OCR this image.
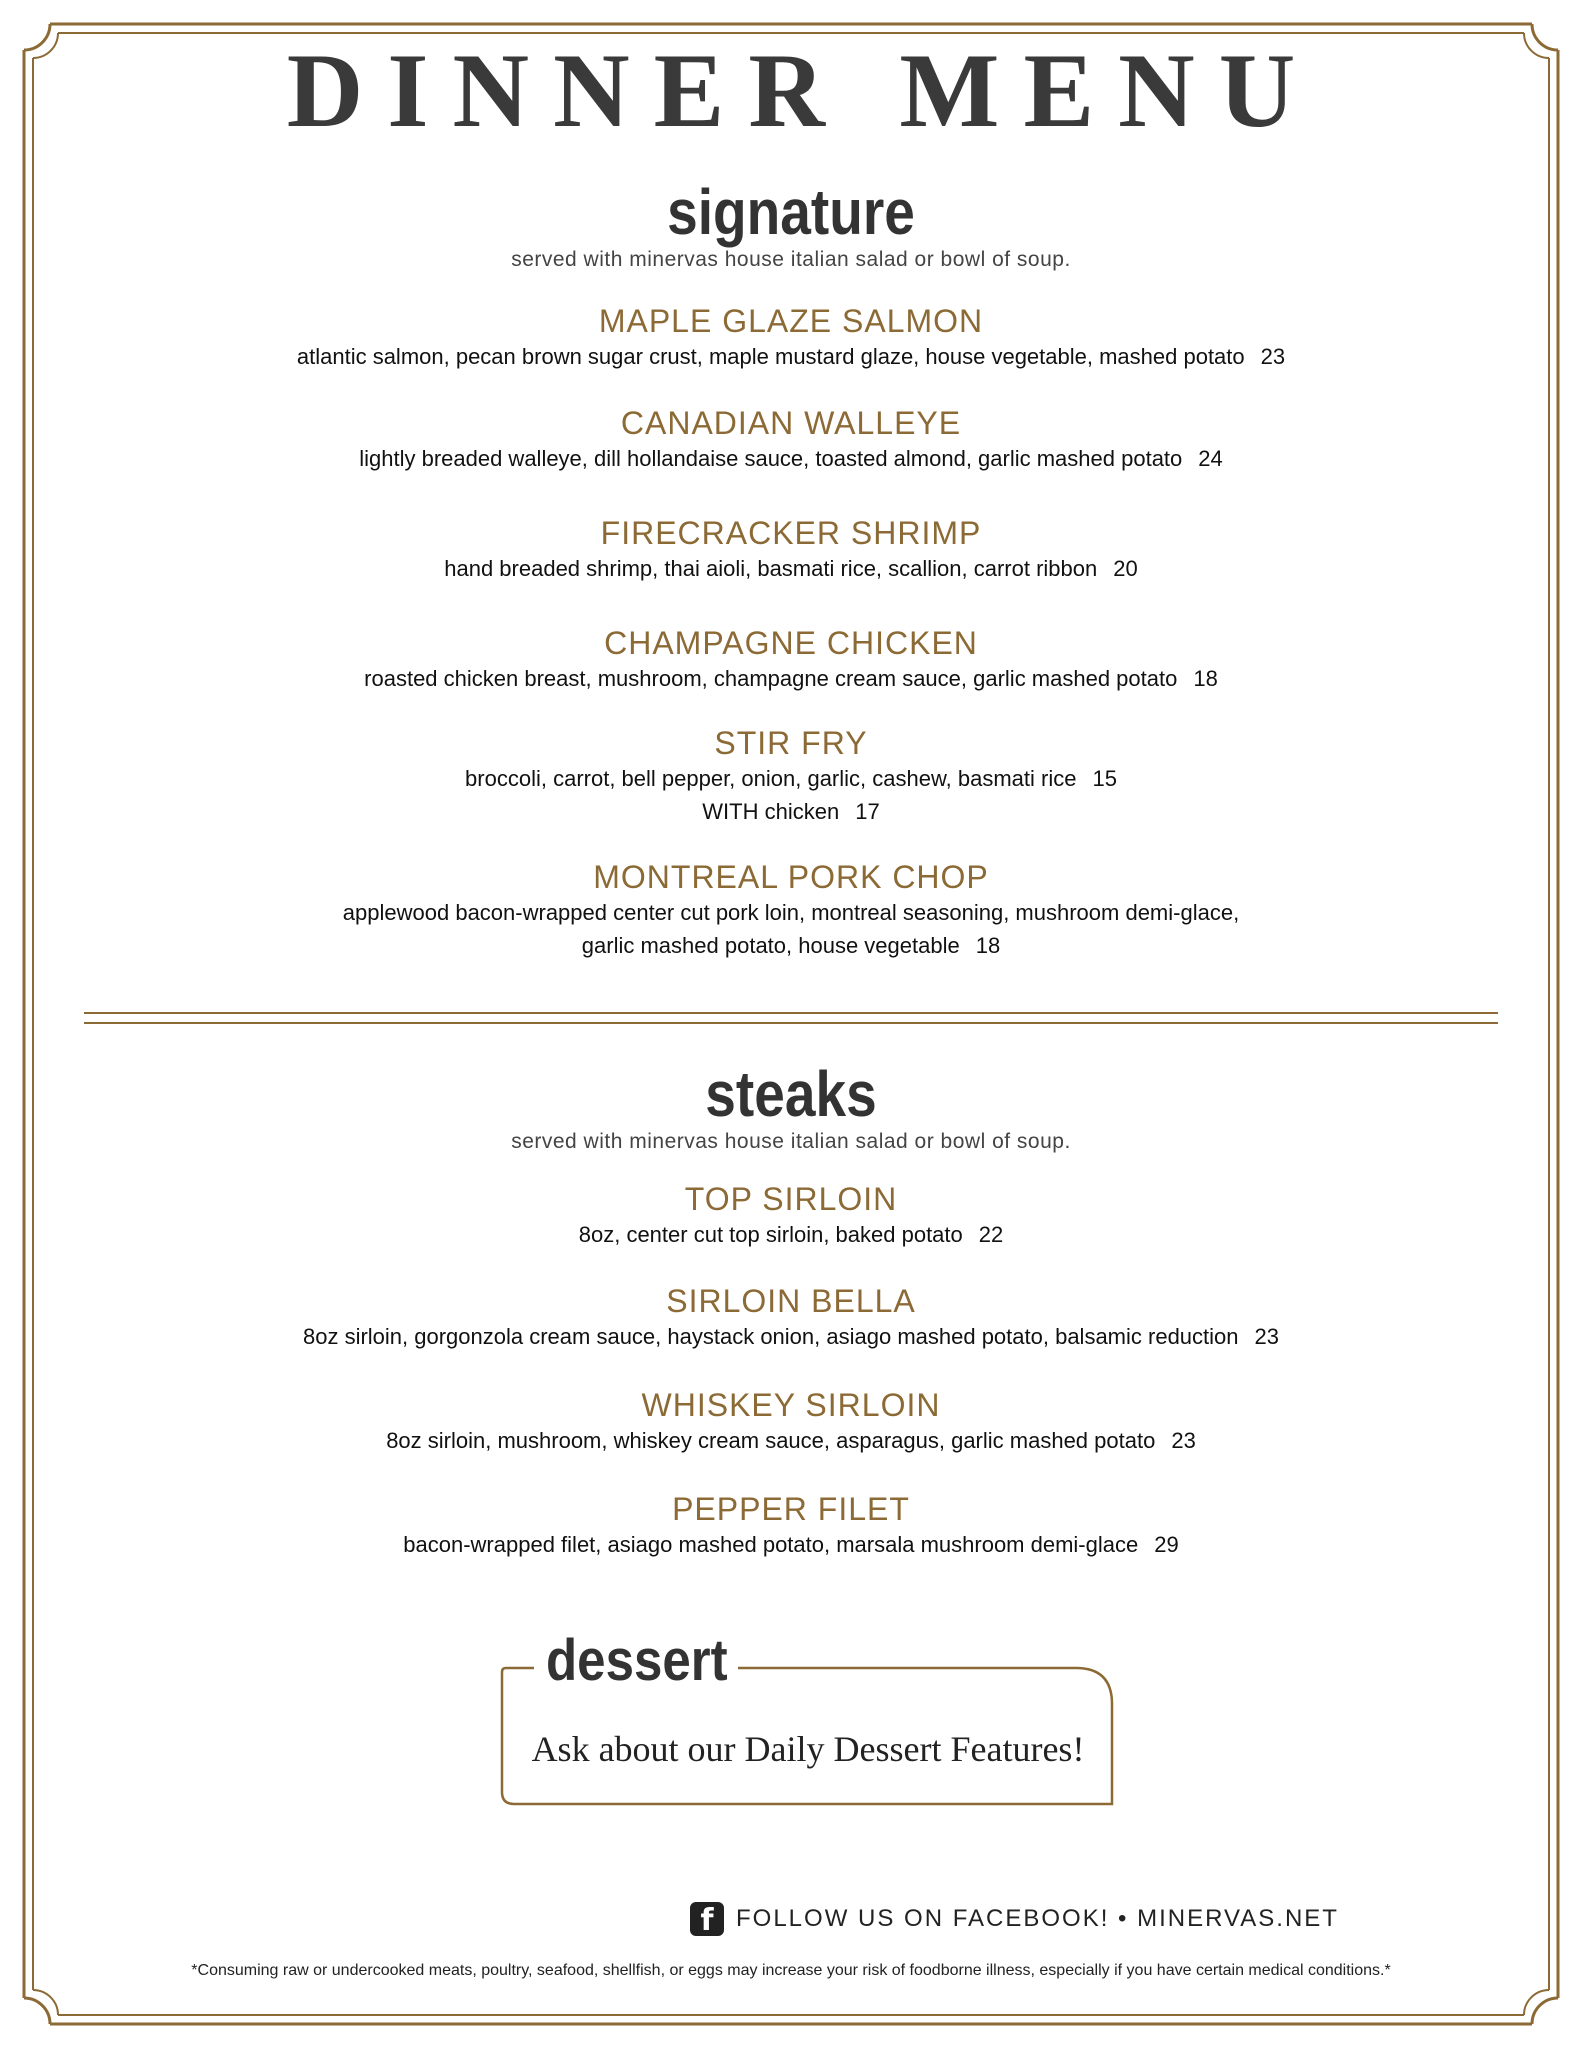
DINNER MENU
signature

served with minervas house italian salad or bowl of soup.

MAPLE GLAZE SALMON

atlantic salmon, pecan brown sugar crust, maple mustard glaze, house vegetable, mashed potato 23

CANADIAN WALLEYE

lightly breaded walleye, dill hollandaise sauce, toasted almond, garlic mashed potato 24

FIRECRACKER SHRIMP

hand breaded shrimp, thai aioli, basmati rice, scallion, carrot ribbon 20

CHAMPAGNE CHICKEN

roasted chicken breast, mushroom, champagne cream sauce, garlic mashed potato 18

STIR FRY

broccoli, carrot, bell pepper, onion, garlic, cashew, basmati rice 15

WITH chicken 17

MONTREAL PORK CHOP

applewood bacon-wrapped center cut pork loin, montreal seasoning, mushroom demi-glace,

garlic mashed potato, house vegetable 18

steaks

served with minervas house italian salad or bowl of soup.

TOP SIRLOIN

8oz, center cut top sirloin, baked potato 22

SIRLOIN BELLA

8oz sirloin, gorgonzola cream sauce, haystack onion, asiago mashed potato, balsamic reduction 23

WHISKEY SIRLOIN

8oz sirloin, mushroom, whiskey cream sauce, asparagus, garlic mashed potato 23

PEPPER FILET

bacon-wrapped filet, asiago mashed potato, marsala mushroom demi-glace 29

dessert

Ask about our Daily Dessert Features!

f FOLLOW US ON FACEBOOK! • MINERVAS.NET

*Consuming raw or undercooked meats, poultry, seafood, shellfish, or eggs may increase your risk of foodborne illness, especially if you have certain medical conditions.*
